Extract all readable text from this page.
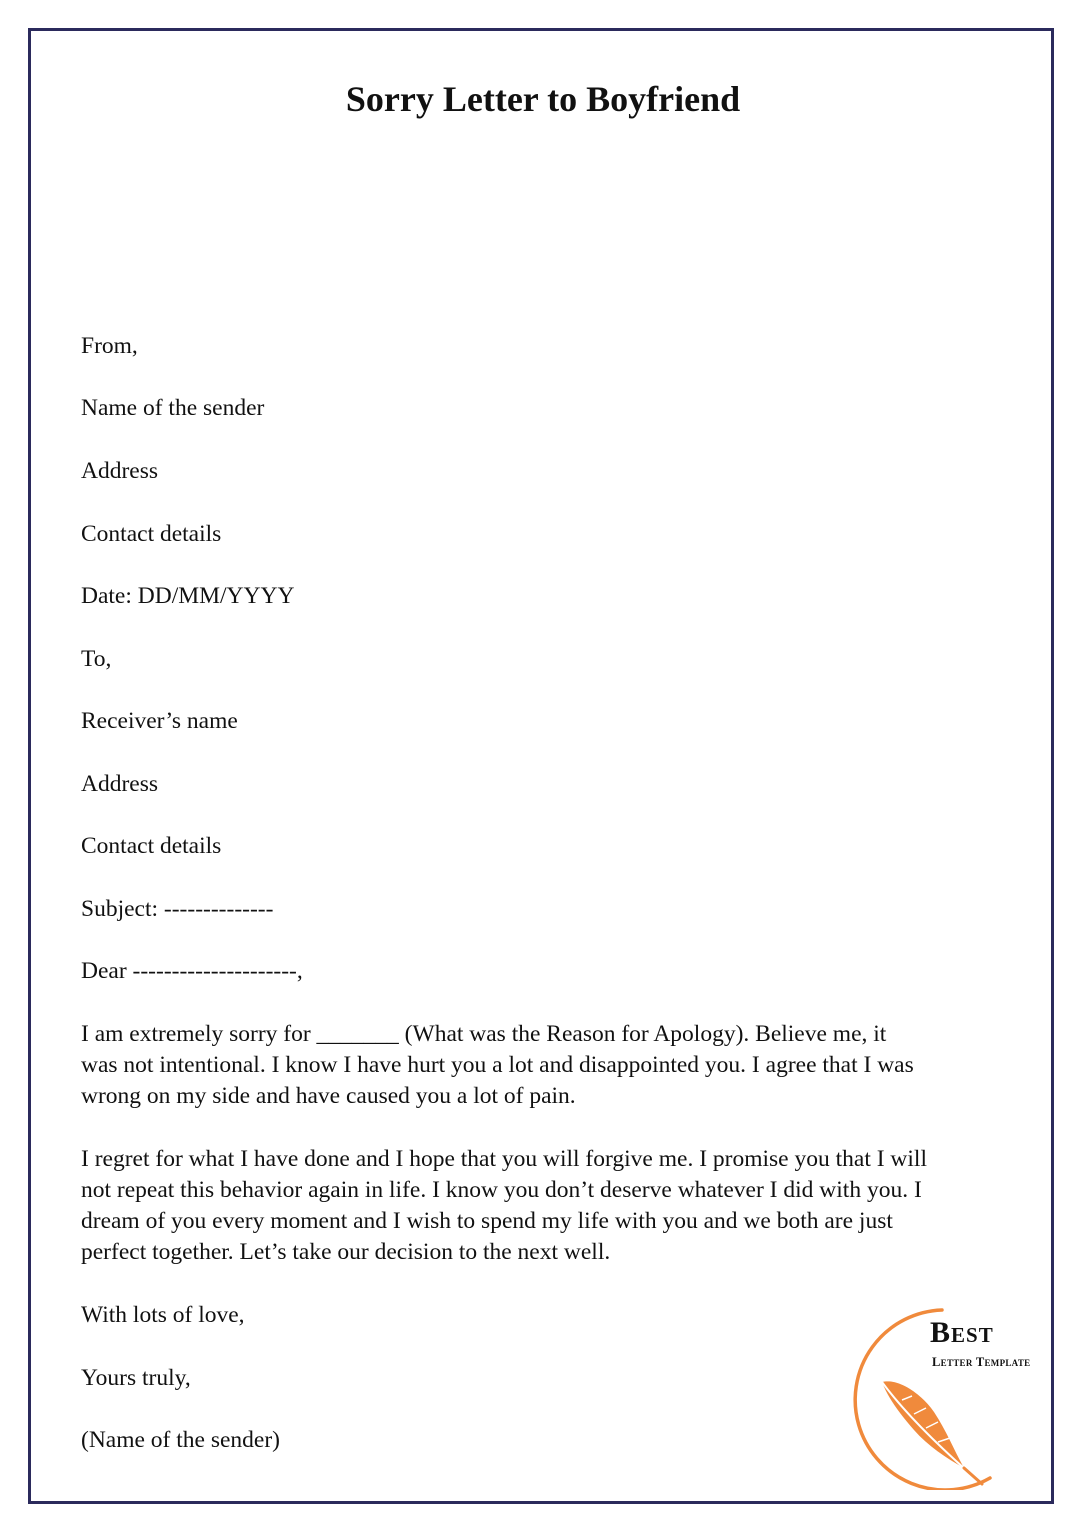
Sorry Letter to Boyfriend

From,

Name of the sender

Address

Contact details

Date: DD/MM/YYYY

To,

Receiver’s name

Address

Contact details

Subject: --------------

Dear ---------------------,

I am extremely sorry for _______ (What was the Reason for Apology). Believe me, it
was not intentional. I know I have hurt you a lot and disappointed you. I agree that I was
wrong on my side and have caused you a lot of pain.
I regret for what I have done and I hope that you will forgive me. I promise you that I will
not repeat this behavior again in life. I know you don’t deserve whatever I did with you. I
dream of you every moment and I wish to spend my life with you and we both are just
perfect together. Let’s take our decision to the next well.

With lots of love,

Yours truly,

(Name of the sender)

Best
Letter Template
